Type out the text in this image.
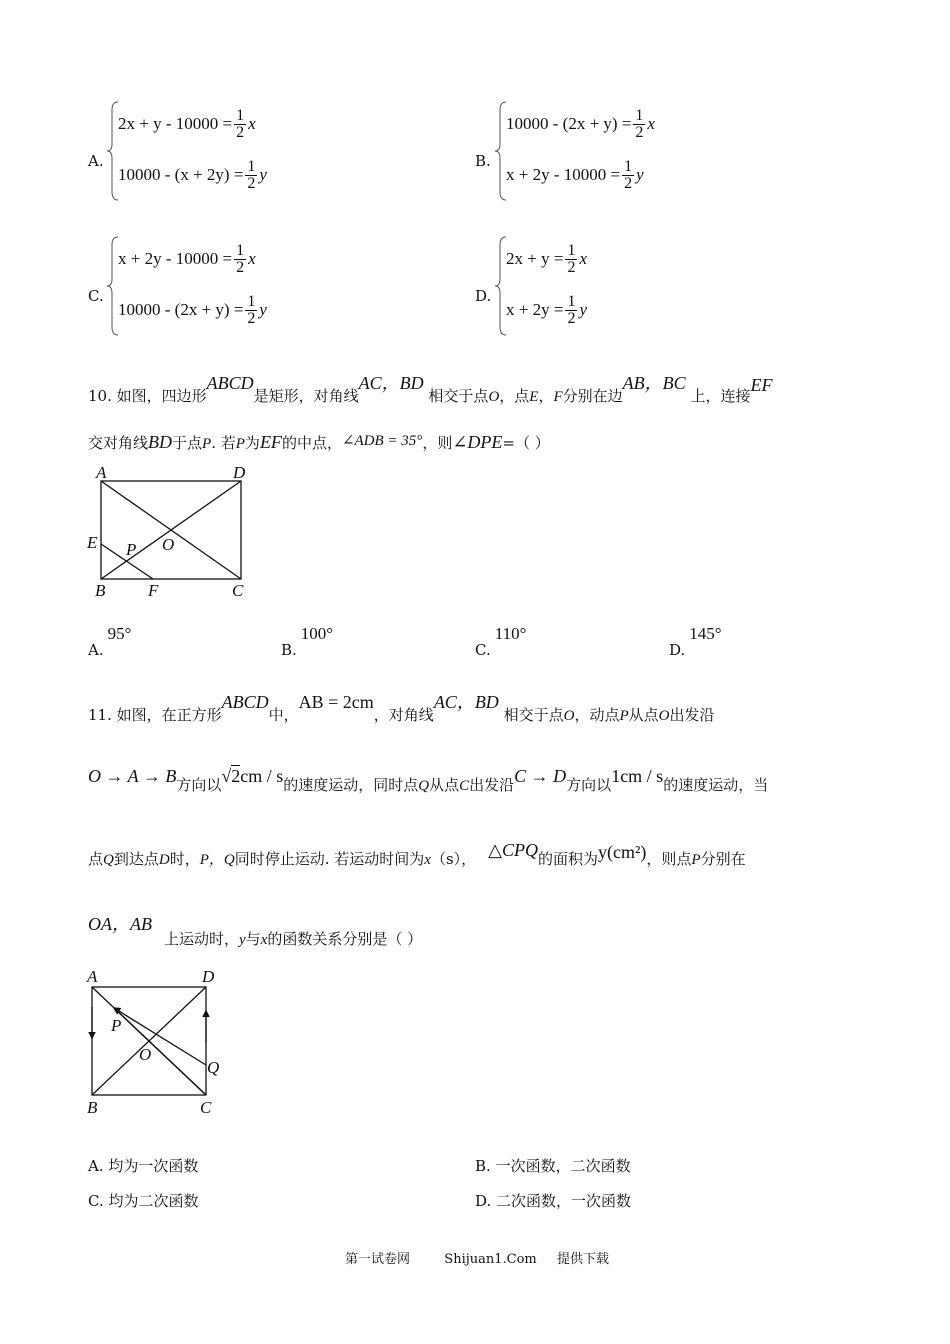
A.
$2x + y - 10000 = \frac{1}{2}$ x
$10000 - (x + 2y) = \frac{1}{2}$ y
B.
$10000 - (2x + y) = \frac{1}{2}$ x
$x + 2y - 10000 = \frac{1}{2}$ y
C.
$x + 2y - 10000 = \frac{1}{2}$ x
$10000 - (2x + y) = \frac{1}{2}$ y
D.
$2x + y = \frac{1}{2}$ x
$x + 2y = \frac{1}{2}$ y
10. 如图，四边形ABCD是矩形，对角线AC，BD 相交于点O，点E，F分别在边AB，BC 上，连接EF
交对角线BD于点P. 若P为EF的中点，∠ADB = 35°，则∠DPE=（ ）
A	D
E P O
B	F	C
A.95°
B.100°
C.110°
D.145°
11. 如图，在正方形ABCD中，AB = 2cm，对角线AC，BD 相交于点O，动点P从点O出发沿
O → A → B方向以√2cm / s的速度运动，同时点Q从点C出发沿C → D方向以1cm / s的速度运动，当
点Q到达点D时，P，Q同时停止运动. 若运动时间为x（s）， △CPQ的面积为y(cm²)，则点P分别在
OA，AB上运动时，y与x的函数关系分别是（ ）
A	D
P
O
Q
B	C
A. 均为一次函数	B. 一次函数，二次函数
C. 均为二次函数	D. 二次函数，一次函数
第一试卷网	Shijuan1.Com 提供下载
